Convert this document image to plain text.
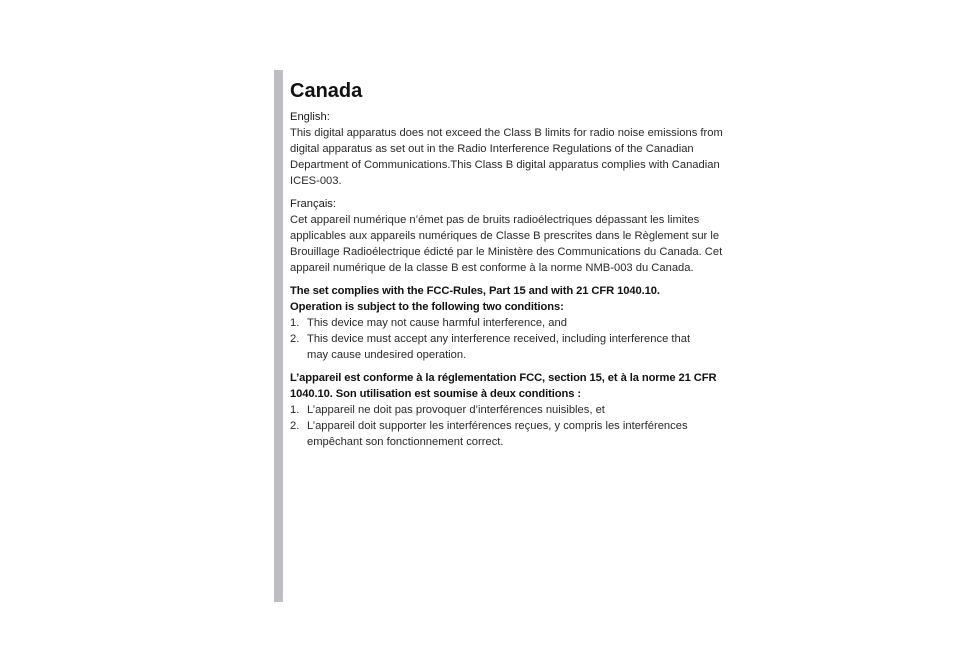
Canada
English:

This digital apparatus does not exceed the Class B limits for radio noise emissions from digital apparatus as set out in the Radio Interference Regulations of the Canadian Department of Communications.This Class B digital apparatus complies with Canadian ICES-003.

Français:

Cet appareil numérique n’émet pas de bruits radioélectriques dépassant les limites applicables aux appareils numériques de Classe B prescrites dans le Règlement sur le Brouillage Radioélectrique édicté par le Ministère des Communications du Canada. Cet appareil numérique de la classe B est conforme à la norme NMB-003 du Canada.

The set complies with the FCC-Rules, Part 15 and with 21 CFR 1040.10. Operation is subject to the following two conditions:
1. This device may not cause harmful interference, and
2. This device must accept any interference received, including interference that may cause undesired operation.
L’appareil est conforme à la réglementation FCC, section 15, et à la norme 21 CFR 1040.10. Son utilisation est soumise à deux conditions :
1. L’appareil ne doit pas provoquer d’interférences nuisibles, et
2. L’appareil doit supporter les interférences reçues, y compris les interférences empêchant son fonctionnement correct.
